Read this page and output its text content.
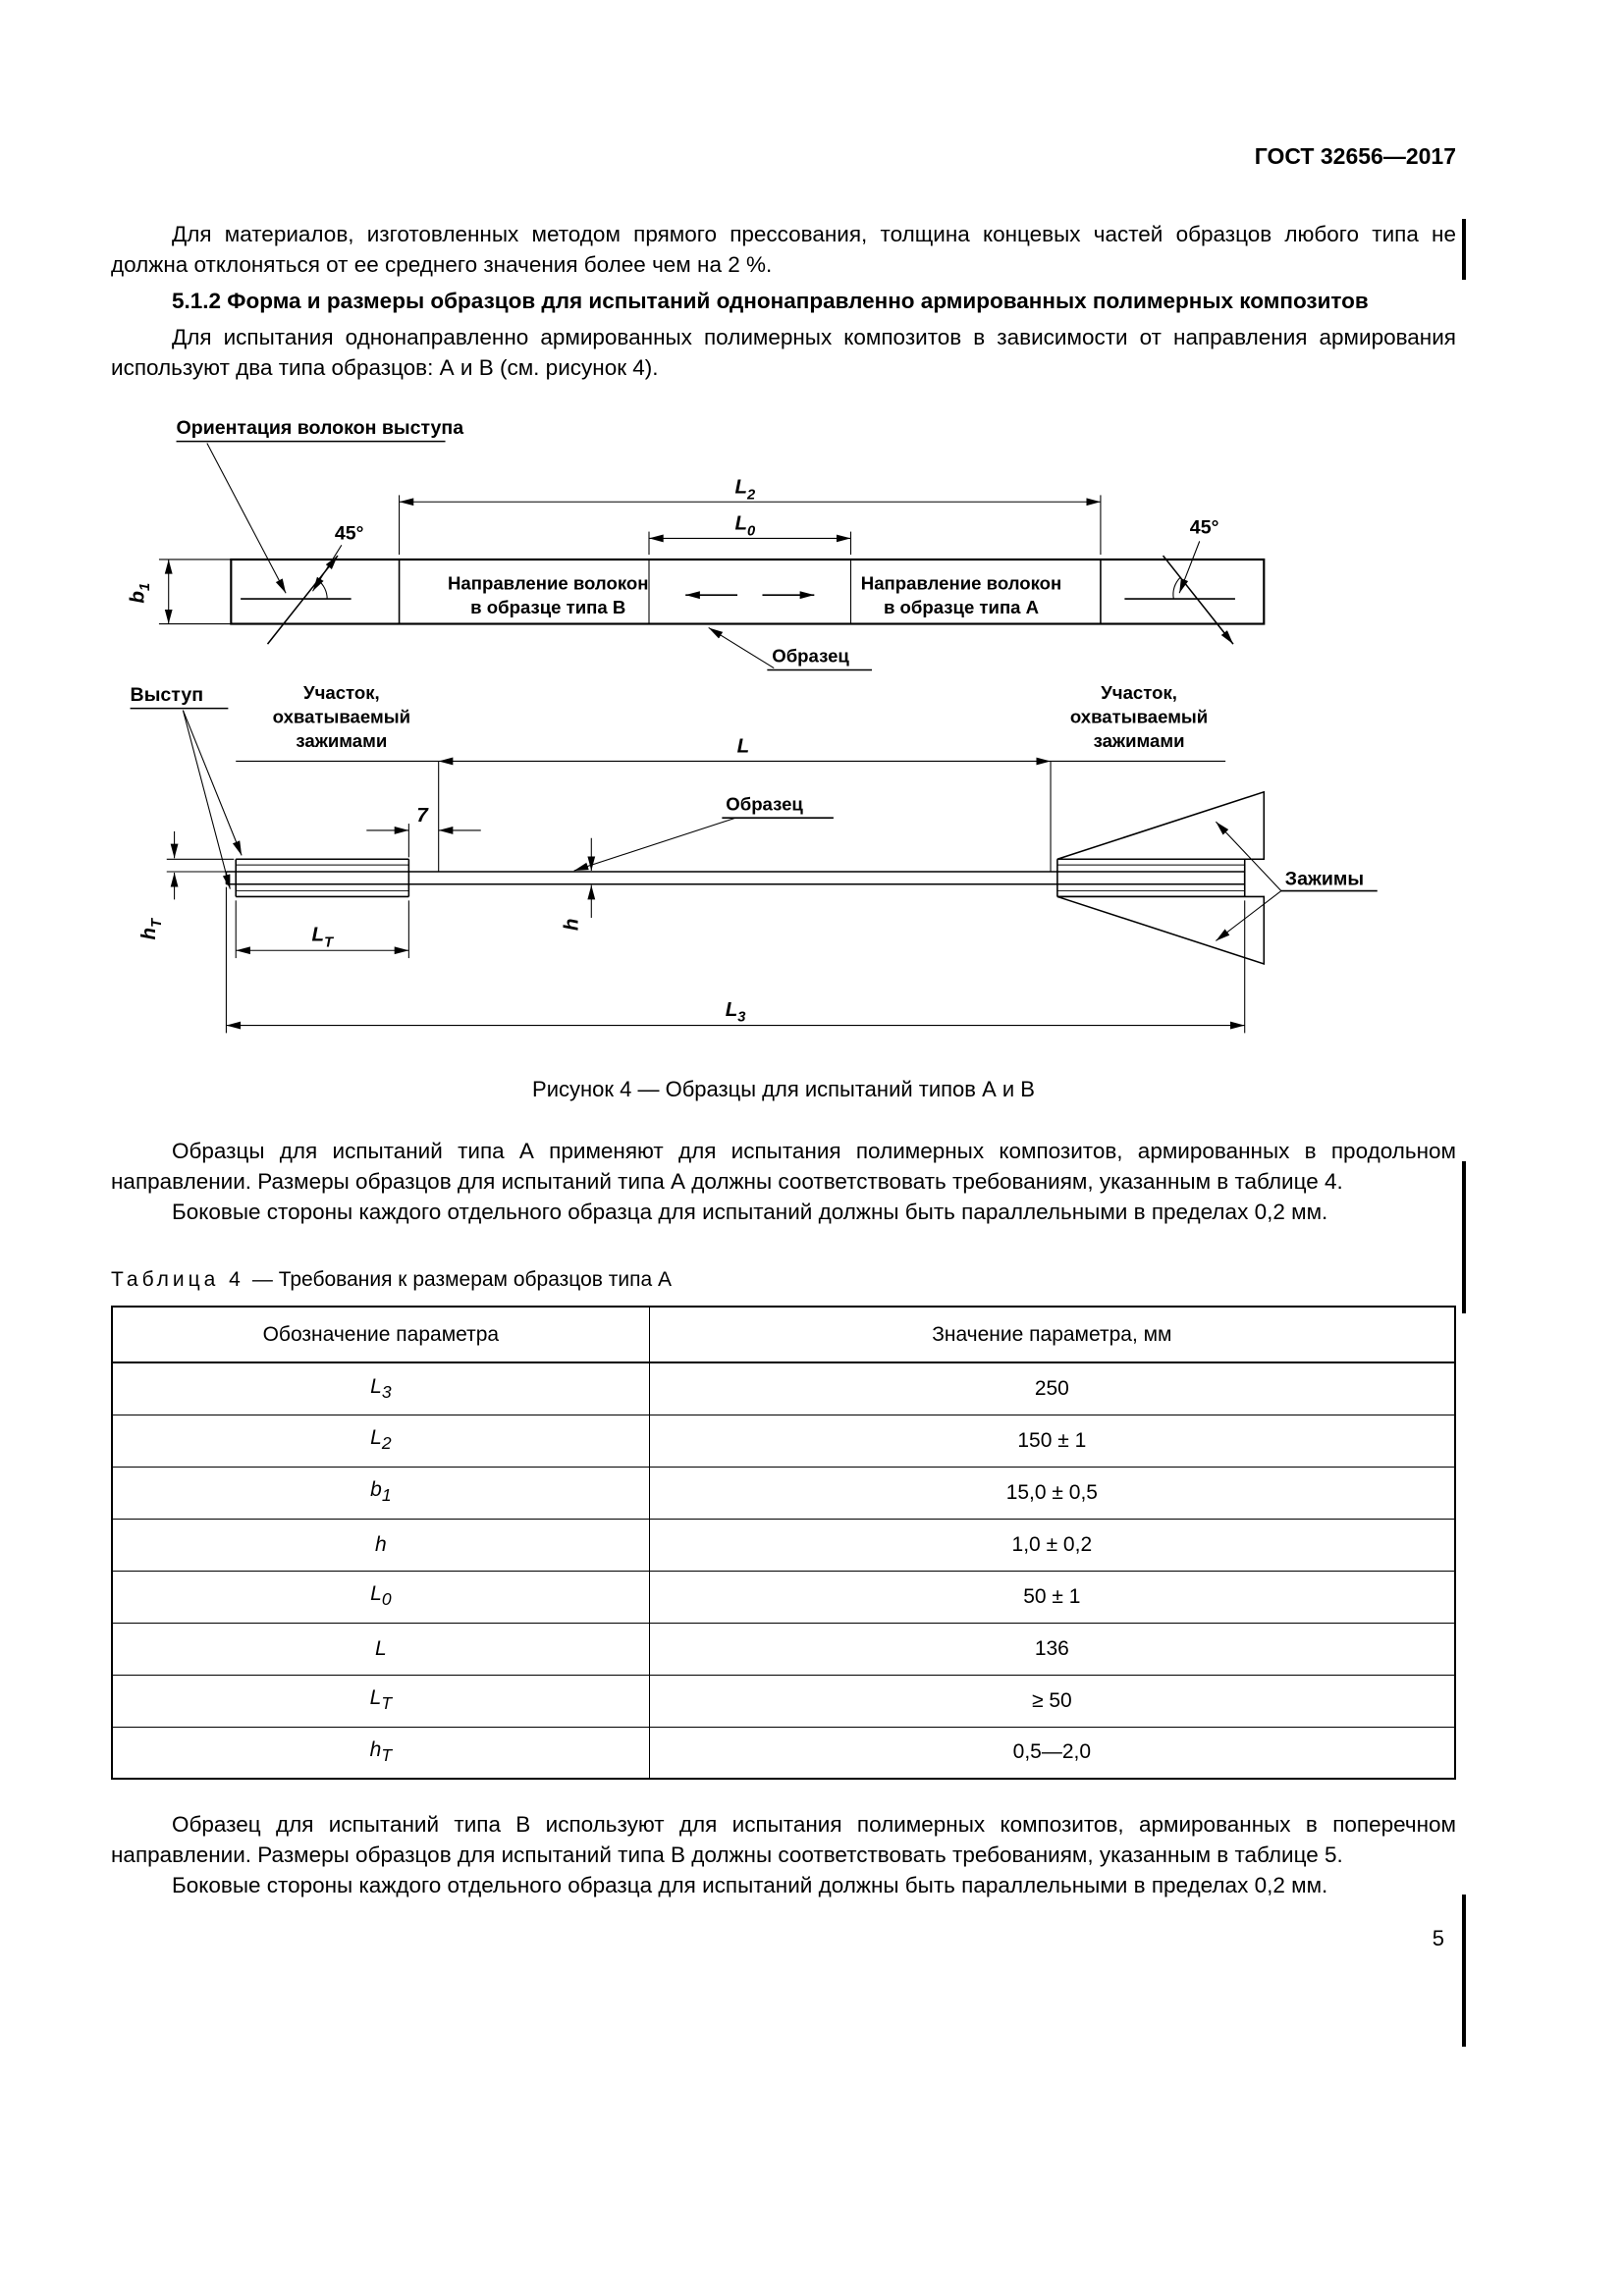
ГОСТ 32656—2017

Для материалов, изготовленных методом прямого прессования, толщина концевых частей образцов любого типа не должна отклоняться от ее среднего значения более чем на 2 %.

5.1.2 Форма и размеры образцов для испытаний однонаправленно армированных полимерных композитов

Для испытания однонаправленно армированных полимерных композитов в зависимости от направления армирования используют два типа образцов: А и В (см. рисунок 4).

Ориентация волокон выступа
45°	45°
$L_2$
$L_0$
$b_1$	Направление волокон
в образце типа В
Направление волокон
в образце типа А
Образец
Выступ	Участок,
охватываемый
зажимами
Участок,
охватываемый
зажимами
L
Образец
7
Зажимы
$h_Т$
$L_Т$
h
$L_3$
Рисунок 4 — Образцы для испытаний типов А и В

Образцы для испытаний типа А применяют для испытания полимерных композитов, армированных в продольном направлении. Размеры образцов для испытаний типа А должны соответствовать требованиям, указанным в таблице 4.

Боковые стороны каждого отдельного образца для испытаний должны быть параллельными в пределах 0,2 мм.

Таблица 4 — Требования к размерам образцов типа А

Обозначение параметра	Значение параметра, мм
$L_3$	250
$L_2$	150 ± 1
$b_1$	15,0 ± 0,5
h	1,0 ± 0,2
$L_0$	50 ± 1
L	136
$L_Т$	≥ 50
$h_Т$	0,5—2,0

Образец для испытаний типа В используют для испытания полимерных композитов, армированных в поперечном направлении. Размеры образцов для испытаний типа В должны соответствовать требованиям, указанным в таблице 5.

Боковые стороны каждого отдельного образца для испытаний должны быть параллельными в пределах 0,2 мм.

5
